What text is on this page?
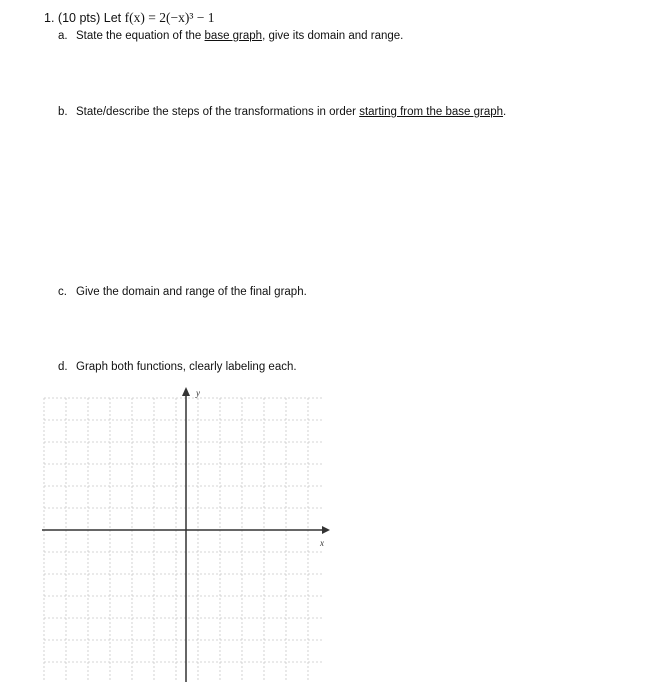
1. (10 pts) Let f(x) = 2(−x)³ − 1
a. State the equation of the base graph, give its domain and range.
b. State/describe the steps of the transformations in order starting from the base graph.
c. Give the domain and range of the final graph.
d. Graph both functions, clearly labeling each.
y
x
